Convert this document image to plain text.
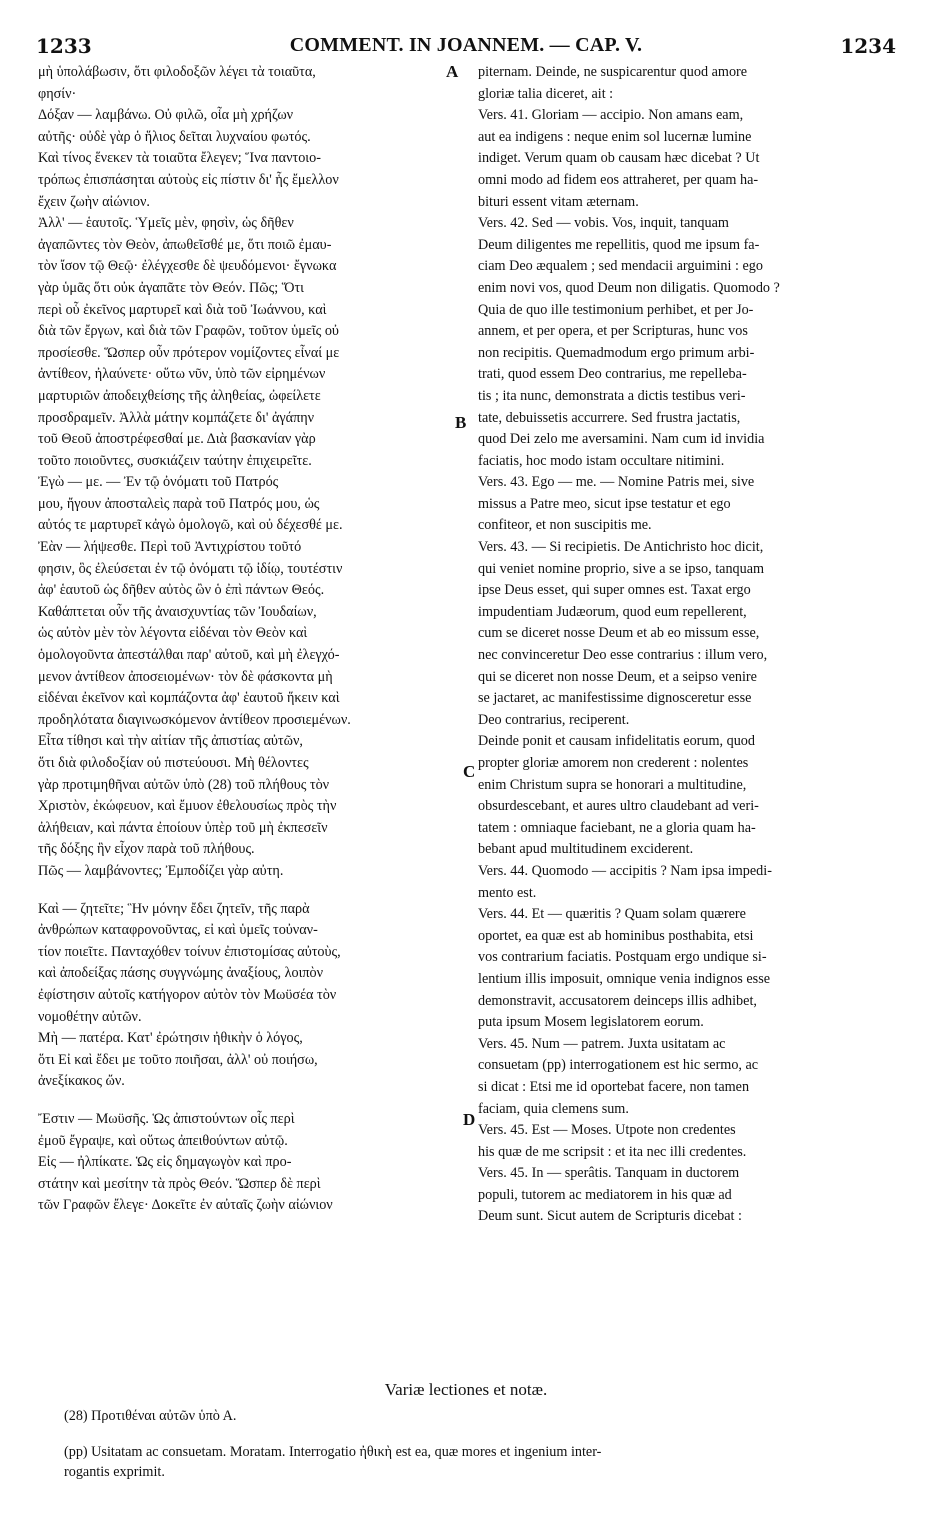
1233	COMMENT. IN JOANNEM. — CAP. V.	1234
μὴ ὑπολάβωσιν, ὅτι φιλοδοξῶν λέγει τὰ τοιαῦτα,
φησίν·
Δόξαν — λαμβάνω. Οὐ φιλῶ, οἷα μὴ χρήζων
αὐτῆς· οὐδὲ γὰρ ὁ ἥλιος δεῖται λυχναίου φωτός.
Καὶ τίνος ἕνεκεν τὰ τοιαῦτα ἔλεγεν; Ἵνα παντοιο-
τρόπως ἐπισπάσηται αὐτοὺς εἰς πίστιν δι' ἧς ἔμελλον
ἔχειν ζωὴν αἰώνιον.
Ἀλλ' — ἑαυτοῖς. Ὑμεῖς μὲν, φησὶν, ὡς δῆθεν
ἀγαπῶντες τὸν Θεὸν, ἀπωθεῖσθέ με, ὅτι ποιῶ ἐμαυ-
τὸν ἴσον τῷ Θεῷ· ἐλέγχεσθε δὲ ψευδόμενοι· ἔγνωκα
γὰρ ὑμᾶς ὅτι οὐκ ἀγαπᾶτε τὸν Θεόν. Πῶς; Ὅτι
περὶ οὗ ἐκεῖνος μαρτυρεῖ καὶ διὰ τοῦ Ἰωάννου, καὶ
διὰ τῶν ἔργων, καὶ διὰ τῶν Γραφῶν, τοῦτον ὑμεῖς οὐ
προσίεσθε. Ὥσπερ οὖν πρότερον νομίζοντες εἶναί με
ἀντίθεον, ἠλαύνετε· οὕτω νῦν, ὑπὸ τῶν εἰρημένων
μαρτυριῶν ἀποδειχθείσης τῆς ἀληθείας, ὠφείλετε
προσδραμεῖν. Ἀλλὰ μάτην κομπάζετε δι' ἀγάπην
τοῦ Θεοῦ ἀποστρέφεσθαί με. Διὰ βασκανίαν γὰρ
τοῦτο ποιοῦντες, συσκιάζειν ταύτην ἐπιχειρεῖτε.
Ἐγὼ — με. — Ἐν τῷ ὀνόματι τοῦ Πατρός
μου, ἤγουν ἀποσταλεὶς παρὰ τοῦ Πατρός μου, ὡς
αὐτός τε μαρτυρεῖ κἀγὼ ὁμολογῶ, καὶ οὐ δέχεσθέ με.
Ἐὰν — λήψεσθε. Περὶ τοῦ Ἀντιχρίστου τοῦτό
φησιν, ὃς ἐλεύσεται ἐν τῷ ὀνόματι τῷ ἰδίῳ, τουτέστιν
ἀφ' ἑαυτοῦ ὡς δῆθεν αὐτὸς ὢν ὁ ἐπὶ πάντων Θεός.
Καθάπτεται οὖν τῆς ἀναισχυντίας τῶν Ἰουδαίων,
ὡς αὐτὸν μὲν τὸν λέγοντα εἰδέναι τὸν Θεὸν καὶ
ὁμολογοῦντα ἀπεστάλθαι παρ' αὐτοῦ, καὶ μὴ ἐλεγχό-
μενον ἀντίθεον ἀποσειομένων· τὸν δὲ φάσκοντα μὴ
εἰδέναι ἐκεῖνον καὶ κομπάζοντα ἀφ' ἑαυτοῦ ἥκειν καὶ
προδηλότατα διαγινωσκόμενον ἀντίθεον προσιεμένων.
Εἶτα τίθησι καὶ τὴν αἰτίαν τῆς ἀπιστίας αὐτῶν,
ὅτι διὰ φιλοδοξίαν οὐ πιστεύουσι. Μὴ θέλοντες
γὰρ προτιμηθῆναι αὐτῶν ὑπὸ (28) τοῦ πλήθους τὸν
Χριστὸν, ἐκώφευον, καὶ ἔμυον ἐθελουσίως πρὸς τὴν
ἀλήθειαν, καὶ πάντα ἐποίουν ὑπὲρ τοῦ μὴ ἐκπεσεῖν
τῆς δόξης ἣν εἶχον παρὰ τοῦ πλήθους.
Πῶς — λαμβάνοντες; Ἐμποδίζει γὰρ αὐτη.
Καὶ — ζητεῖτε; Ἣν μόνην ἔδει ζητεῖν, τῆς παρὰ
ἀνθρώπων καταφρονοῦντας, εἰ καὶ ὑμεῖς τοὐναν-
τίον ποιεῖτε. Πανταχόθεν τοίνυν ἐπιστομίσας αὐτοὺς,
καὶ ἀποδείξας πάσης συγγνώμης ἀναξίους, λοιπὸν
ἐφίστησιν αὐτοῖς κατήγορον αὐτὸν τὸν Μωϋσέα τὸν
νομοθέτην αὐτῶν.
Μὴ — πατέρα. Κατ' ἐρώτησιν ἠθικὴν ὁ λόγος,
ὅτι Εἰ καὶ ἔδει με τοῦτο ποιῆσαι, ἀλλ' οὐ ποιήσω,
ἀνεξίκακος ὤν.
Ἔστιν — Μωϋσῆς. Ὡς ἀπιστούντων οἷς περὶ
ἐμοῦ ἔγραψε, καὶ οὕτως ἀπειθούντων αὐτῷ.
Εἰς — ἠλπίκατε. Ὡς εἰς δημαγωγὸν καὶ προ-
στάτην καὶ μεσίτην τὰ πρὸς Θεόν. Ὥσπερ δὲ περὶ
τῶν Γραφῶν ἔλεγε· Δοκεῖτε ἐν αὐταῖς ζωὴν αἰώνιον
piternam. Deinde, ne suspicarentur quod amore
gloriæ talia diceret, ait :
Vers. 41. Gloriam — accipio. Non amans eam,
aut ea indigens : neque enim sol lucernæ lumine
indiget. Verum quam ob causam hæc dicebat ? Ut
omni modo ad fidem eos attraheret, per quam ha-
bituri essent vitam æternam.
Vers. 42. Sed — vobis. Vos, inquit, tanquam
Deum diligentes me repellitis, quod me ipsum fa-
ciam Deo æqualem ; sed mendacii arguimini : ego
enim novi vos, quod Deum non diligatis. Quomodo ?
Quia de quo ille testimonium perhibet, et per Jo-
annem, et per opera, et per Scripturas, hunc vos
non recipitis. Quemadmodum ergo primum arbi-
trati, quod essem Deo contrarius, me repelleba-
tis ; ita nunc, demonstrata a dictis testibus veri-
tate, debuissetis accurrere. Sed frustra jactatis,
quod Dei zelo me aversamini. Nam cum id invidia
faciatis, hoc modo istam occultare nitimini.
Vers. 43. Ego — me. — Nomine Patris mei, sive
missus a Patre meo, sicut ipse testatur et ego
confiteor, et non suscipitis me.
Vers. 43. — Si recipietis. De Antichristo hoc dicit,
qui veniet nomine proprio, sive a se ipso, tanquam
ipse Deus esset, qui super omnes est. Taxat ergo
impudentiam Judæorum, quod eum repellerent,
cum se diceret nosse Deum et ab eo missum esse,
nec convinceretur Deo esse contrarius : illum vero,
qui se diceret non nosse Deum, et a seipso venire
se jactaret, ac manifestissime dignosceretur esse
Deo contrarius, reciperent.
Deinde ponit et causam infidelitatis eorum, quod
propter gloriæ amorem non crederent : nolentes
enim Christum supra se honorari a multitudine,
obsurdescebant, et aures ultro claudebant ad veri-
tatem : omniaque faciebant, ne a gloria quam ha-
bebant apud multitudinem exciderent.
Vers. 44. Quomodo — accipitis ? Nam ipsa impedi-
mento est.
Vers. 44. Et — quæritis ? Quam solam quærere
oportet, ea quæ est ab hominibus posthabita, etsi
vos contrarium faciatis. Postquam ergo undique si-
lentium illis imposuit, omnique venia indignos esse
demonstravit, accusatorem deinceps illis adhibet,
puta ipsum Mosem legislatorem eorum.
Vers. 45. Num — patrem. Juxta usitatam ac
consuetam (pp) interrogationem est hic sermo, ac
si dicat : Etsi me id oportebat facere, non tamen
faciam, quia clemens sum.
Vers. 45. Est — Moses. Utpote non credentes
his quæ de me scripsit : et ita nec illi credentes.
Vers. 45. In — sperâtis. Tanquam in ductorem
populi, tutorem ac mediatorem in his quæ ad
Deum sunt. Sicut autem de Scripturis dicebat :
A
B
C
D
Variæ lectiones et notæ.
(28) Προτιθέναι αὐτῶν ὑπὸ Α.
(pp) Usitatam ac consuetam. Moratam. Interrogatio ἠθικὴ est ea, quæ mores et ingenium inter-
rogantis exprimit.
